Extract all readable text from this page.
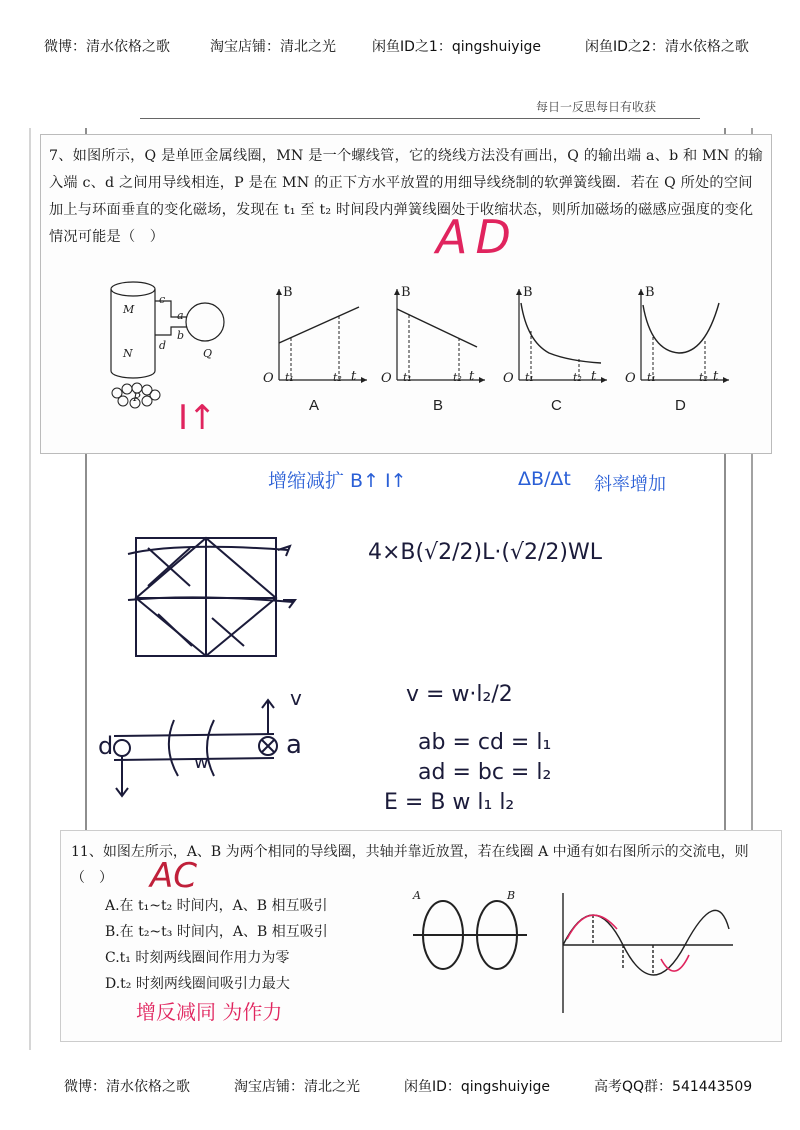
微博：清水依格之歌	淘宝店铺：清北之光	闲鱼ID之1：qingshuiyige	闲鱼ID之2：清水依格之歌
每日一反思每日有收获
7、如图所示，Q 是单匝金属线圈，MN 是一个螺线管，它的绕线方法没有画出，Q 的输出端 a、b 和 MN 的输入端 c、d 之间用导线相连，P 是在 MN 的正下方水平放置的用细导线绕制的软弹簧线圈．若在 Q 所处的空间加上与环面垂直的变化磁场，发现在 t₁ 至 t₂ 时间段内弹簧线圈处于收缩状态，则所加磁场的磁感应强度的变化情况可能是（　）
M
N
c
d
a
b
Q
P
B
t
O t₁	t₂
A
B
t
O t₁	t₂
B
B
t
O t₁	t₂
C
B
t
O t₁	t₂
D
AD
I↑
增缩减扩 B↑ I↑	ΔB/Δt 斜率增加
4×B(√2/2)L·(√2/2)WL
v
a
d
w
v = w·l₂/2
ab = cd = l₁
ad = bc = l₂
E = B w l₁ l₂
11、如图左所示，A、B 为两个相同的导线圈，共轴并靠近放置，若在线圈 A 中通有如右图所示的交流电，则（　）
A.在 t₁~t₂ 时间内，A、B 相互吸引
B.在 t₂~t₃ 时间内，A、B 相互吸引
C.t₁ 时刻两线圈间作用力为零
D.t₂ 时刻两线圈间吸引力最大
A	B
AC
增反减同 为作力
微博：清水依格之歌	淘宝店铺：清北之光	闲鱼ID：qingshuiyige	高考QQ群：541443509
